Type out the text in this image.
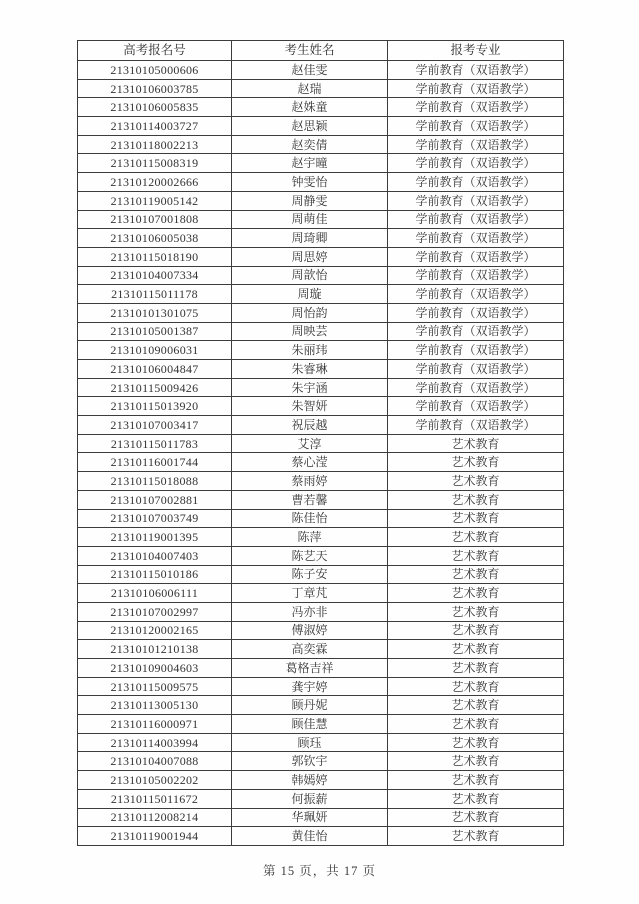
高考报名号	考生姓名	报考专业
21310105000606	赵佳雯	学前教育（双语教学）
21310106003785	赵瑞	学前教育（双语教学）
21310106005835	赵姝童	学前教育（双语教学）
21310114003727	赵思颖	学前教育（双语教学）
21310118002213	赵奕倩	学前教育（双语教学）
21310115008319	赵宇曈	学前教育（双语教学）
21310120002666	钟雯怡	学前教育（双语教学）
21310119005142	周静雯	学前教育（双语教学）
21310107001808	周萌佳	学前教育（双语教学）
21310106005038	周琦卿	学前教育（双语教学）
21310115018190	周思婷	学前教育（双语教学）
21310104007334	周歆怡	学前教育（双语教学）
21310115011178	周璇	学前教育（双语教学）
21310101301075	周怡韵	学前教育（双语教学）
21310105001387	周映芸	学前教育（双语教学）
21310109006031	朱丽玮	学前教育（双语教学）
21310106004847	朱睿琳	学前教育（双语教学）
21310115009426	朱宇涵	学前教育（双语教学）
21310115013920	朱智妍	学前教育（双语教学）
21310107003417	祝辰越	学前教育（双语教学）
21310115011783	艾淳	艺术教育
21310116001744	蔡心滢	艺术教育
21310115018088	蔡雨婷	艺术教育
21310107002881	曹若馨	艺术教育
21310107003749	陈佳怡	艺术教育
21310119001395	陈萍	艺术教育
21310104007403	陈艺天	艺术教育
21310115010186	陈子安	艺术教育
21310106006111	丁章芃	艺术教育
21310107002997	冯亦非	艺术教育
21310120002165	傅淑婷	艺术教育
21310101210138	高奕霖	艺术教育
21310109004603	葛格吉祥	艺术教育
21310115009575	龚宇婷	艺术教育
21310113005130	顾丹妮	艺术教育
21310116000971	顾佳慧	艺术教育
21310114003994	顾珏	艺术教育
21310104007088	郭钦宇	艺术教育
21310105002202	韩嫣婷	艺术教育
21310115011672	何振薪	艺术教育
21310112008214	华珮妍	艺术教育
21310119001944	黄佳怡	艺术教育
第 15 页，共 17 页
